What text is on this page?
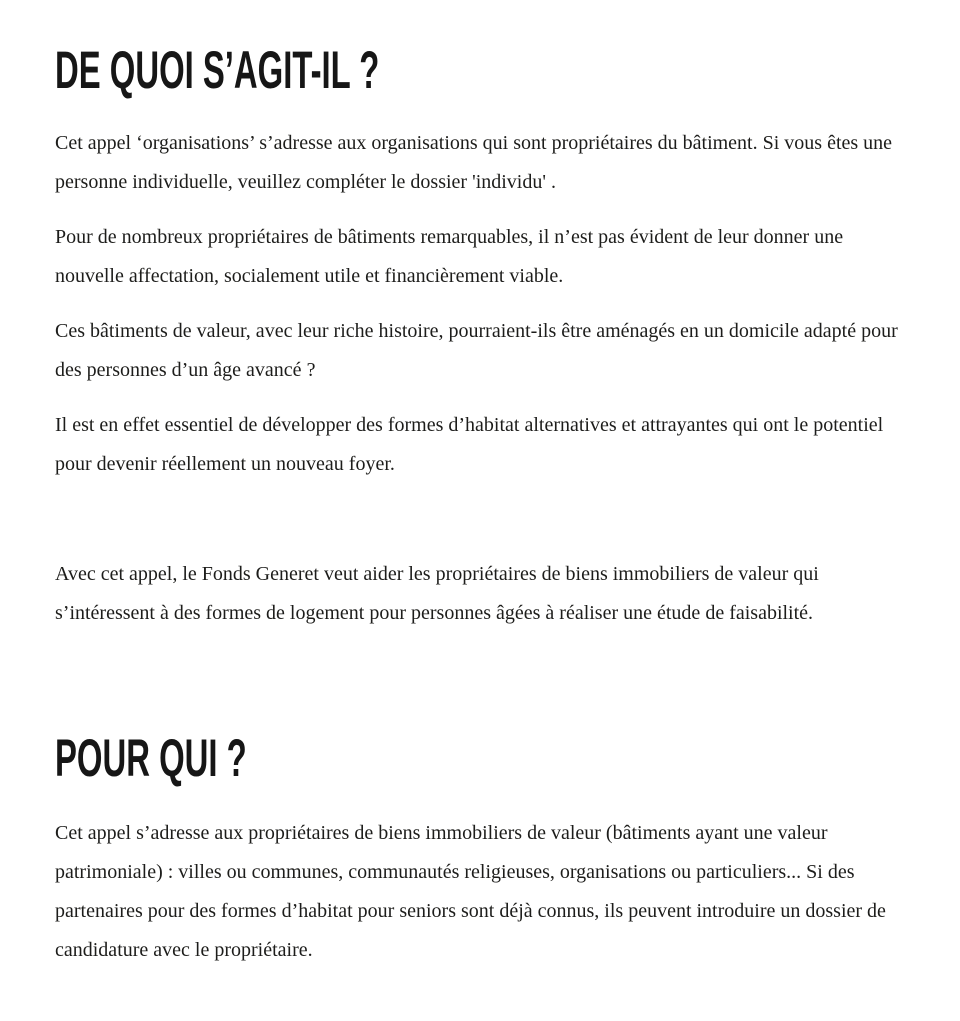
DE QUOI S’AGIT-IL ?

Cet appel ‘organisations’ s’adresse aux organisations qui sont propriétaires du bâtiment. Si vous êtes une personne individuelle, veuillez compléter le dossier 'individu' .

Pour de nombreux propriétaires de bâtiments remarquables, il n’est pas évident de leur donner une nouvelle affectation, socialement utile et financièrement viable.

Ces bâtiments de valeur, avec leur riche histoire, pourraient-ils être aménagés en un domicile adapté pour des personnes d’un âge avancé ?

Il est en effet essentiel de développer des formes d’habitat alternatives et attrayantes qui ont le potentiel pour devenir réellement un nouveau foyer.

Avec cet appel, le Fonds Generet veut aider les propriétaires de biens immobiliers de valeur qui s’intéressent à des formes de logement pour personnes âgées à réaliser une étude de faisabilité.

POUR QUI ?

Cet appel s’adresse aux propriétaires de biens immobiliers de valeur (bâtiments ayant une valeur patrimoniale) : villes ou communes, communautés religieuses, organisations ou particuliers... Si des partenaires pour des formes d’habitat pour seniors sont déjà connus, ils peuvent introduire un dossier de candidature avec le propriétaire.
